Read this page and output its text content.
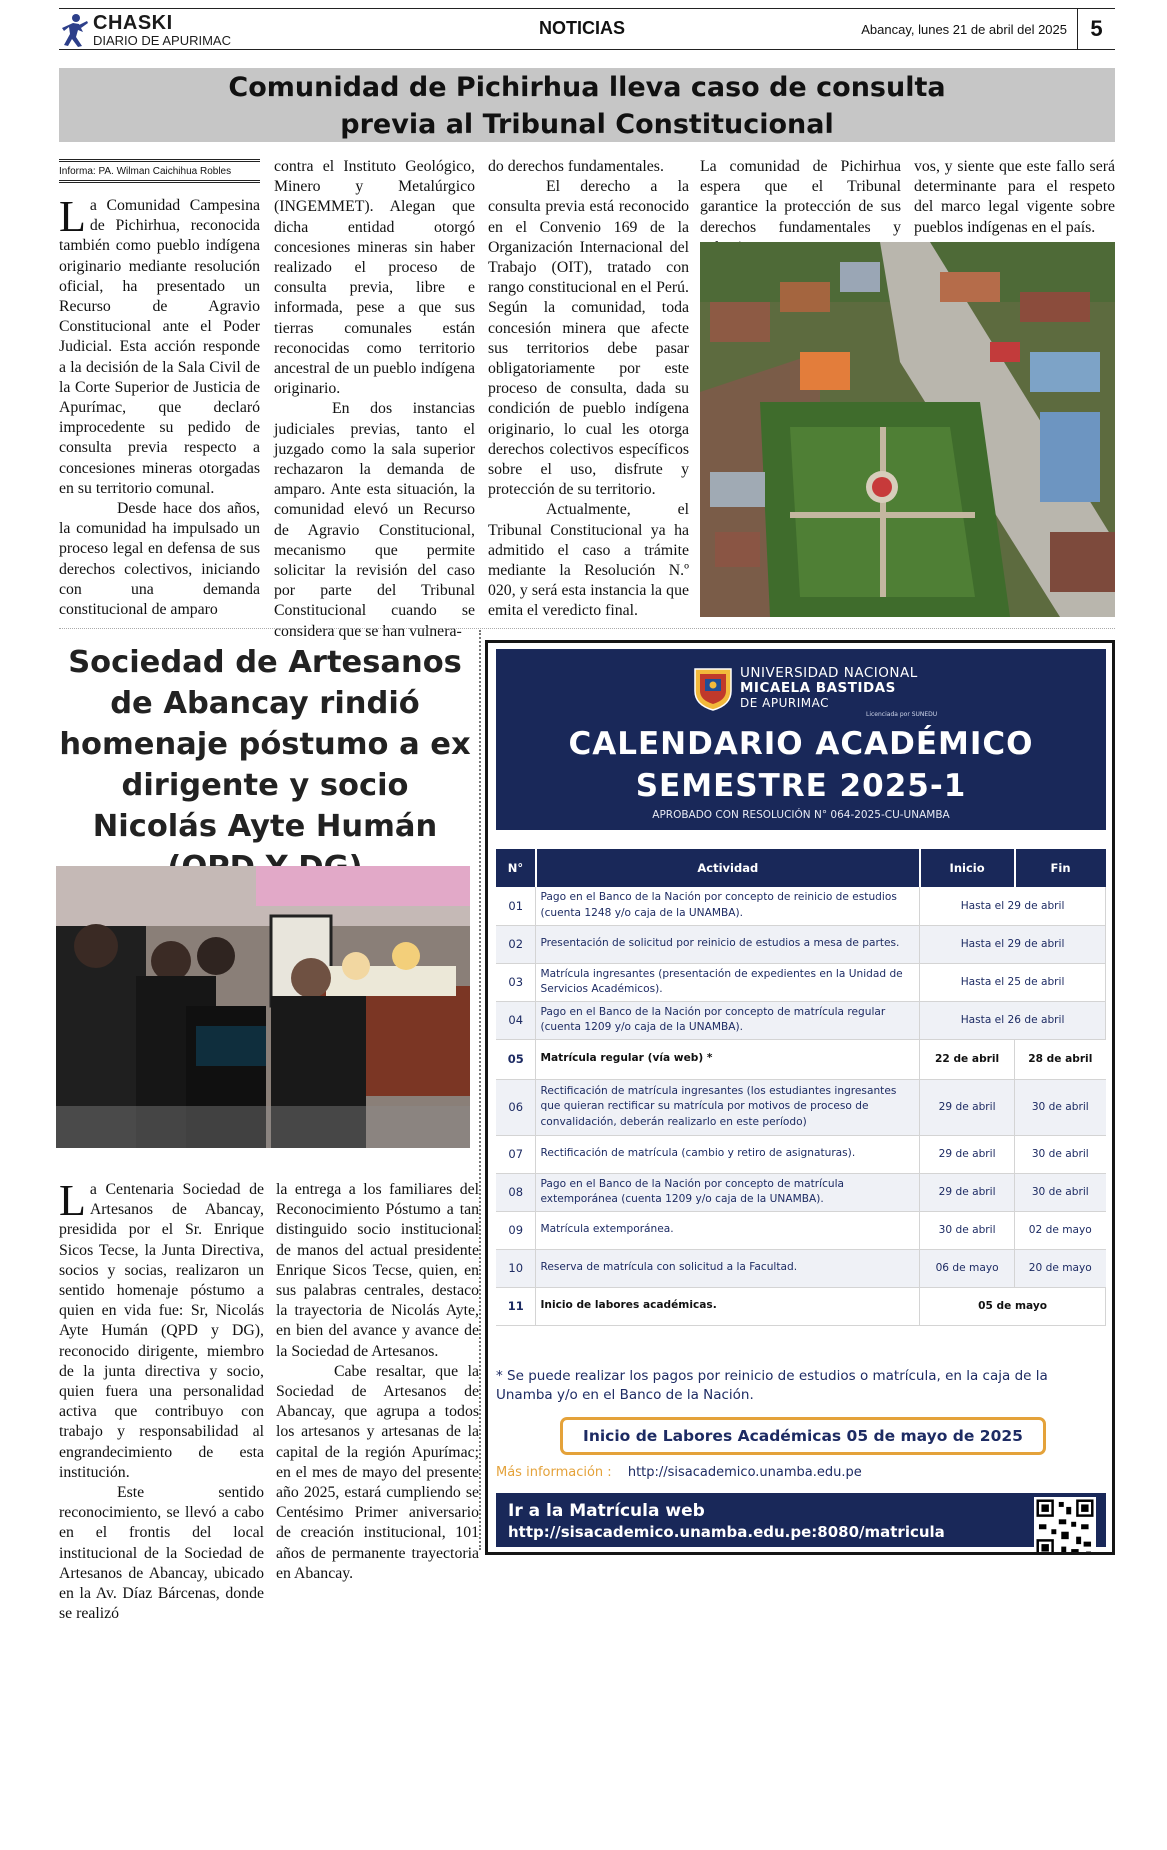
CHASKI
DIARIO DE APURIMAC
NOTICIAS	Abancay, lunes 21 de abril del 2025	5
Comunidad de Pichirhua lleva caso de consulta
previa al Tribunal Constitucional
Informa: PA. Wilman Caichihua Robles

La Comunidad Campesina de Pichirhua, reconocida también como pueblo indígena originario mediante resolución oficial, ha presentado un Recurso de Agravio Constitucional ante el Poder Judicial. Esta acción responde a la decisión de la Sala Civil de la Corte Superior de Justicia de Apurímac, que declaró improcedente su pedido de consulta previa respecto a concesiones mineras otorgadas en su territorio comunal.

Desde hace dos años, la comunidad ha impulsado un proceso legal en defensa de sus derechos colectivos, iniciando con una demanda constitucional de amparo

contra el Instituto Geológico, Minero y Metalúrgico (INGEMMET). Alegan que dicha entidad otorgó concesiones mineras sin haber realizado el proceso de consulta previa, libre e informada, pese a que sus tierras comunales están reconocidas como territorio ancestral de un pueblo indígena originario.

En dos instancias judiciales previas, tanto el juzgado como la sala superior rechazaron la demanda de amparo. Ante esta situación, la comunidad elevó un Recurso de Agravio Constitucional, mecanismo que permite solicitar la revisión del caso por parte del Tribunal Constitucional cuando se considera que se han vulnera-

do derechos fundamentales.

El derecho a la consulta previa está reconocido en el Convenio 169 de la Organización Internacional del Trabajo (OIT), tratado con rango constitucional en el Perú. Según la comunidad, toda concesión minera que afecte sus territorios debe pasar obligatoriamente por este proceso de consulta, dada su condición de pueblo indígena originario, lo cual les otorga derechos colectivos específicos sobre el uso, disfrute y protección de su territorio.

Actualmente, el Tribunal Constitucional ya ha admitido el caso a trámite mediante la Resolución N.º 020, y será esta instancia la que emita el veredicto final.

La comunidad de Pichirhua espera que el Tribunal garantice la protección de sus derechos fundamentales y

vos, y siente que este fallo será determinante para el respeto del marco legal vigente sobre pueblos indígenas en el país.

Sociedad de Artesanos de Abancay rindió homenaje póstumo a ex dirigente y socio Nicolás Ayte Humán

La Centenaria Sociedad de Artesanos de Abancay, presidida por el Sr. Enrique Sicos Tecse, la Junta Directiva, socios y socias, realizaron un sentido homenaje póstumo a quien en vida fue: Sr, Nicolás Ayte Humán (QPD y DG), reconocido dirigente, miembro de la junta directiva y socio, quien fuera una personalidad activa que contribuyo con trabajo y responsabilidad al engrandecimiento de esta institución.

Este sentido reconocimiento, se llevó a cabo en el frontis del local institucional de la Sociedad de Artesanos de Abancay, ubicado en la Av. Díaz Bárcenas, donde se realizó

la entrega a los familiares del Reconocimiento Póstumo a tan distinguido socio institucional de manos del actual presidente Enrique Sicos Tecse, quien, en sus palabras centrales, destaco la trayectoria de Nicolás Ayte, en bien del avance y avance de la Sociedad de Artesanos.

Cabe resaltar, que la Sociedad de Artesanos de Abancay, que agrupa a todos los artesanos y artesanas de la capital de la región Apurímac; en el mes de mayo del presente año 2025, estará cumpliendo se Centésimo Primer aniversario de creación institucional, 101 años de permanente trayectoria en Abancay.

UNIVERSIDAD NACIONAL
MICAELA BASTIDAS
DE APURIMAC
Licenciada por SUNEDU
CALENDARIO ACADÉMICO
SEMESTRE 2025-1
APROBADO CON RESOLUCIÓN N° 064-2025-CU-UNAMBA
N°	Actividad	Inicio	Fin
01	Pago en el Banco de la Nación por concepto de reinicio de estudios (cuenta 1248 y/o caja de la UNAMBA).	Hasta el 29 de abril	
02	Presentación de solicitud por reinicio de estudios a mesa de partes.	Hasta el 29 de abril	
03	Matrícula ingresantes (presentación de expedientes en la Unidad de Servicios Académicos).	Hasta el 25 de abril	
04	Pago en el Banco de la Nación por concepto de matrícula regular (cuenta 1209 y/o caja de la UNAMBA).	Hasta el 26 de abril	
05	Matrícula regular (vía web) *	22 de abril	28 de abril
06	Rectificación de matrícula ingresantes (los estudiantes ingresantes que quieran rectificar su matrícula por motivos de proceso de convalidación, deberán realizarlo en este período)	29 de abril	30 de abril
07	Rectificación de matrícula (cambio y retiro de asignaturas).	29 de abril	30 de abril
08	Pago en el Banco de la Nación por concepto de matrícula extemporánea (cuenta 1209 y/o caja de la UNAMBA).	29 de abril	30 de abril
09	Matrícula extemporánea.	30 de abril	02 de mayo
10	Reserva de matrícula con solicitud a la Facultad.	06 de mayo	20 de mayo
11	Inicio de labores académicas.	05 de mayo	
* Se puede realizar los pagos por reinicio de estudios o matrícula, en la caja de la Unamba y/o en el Banco de la Nación.
Inicio de Labores Académicas 05 de mayo de 2025
Más información : http://sisacademico.unamba.edu.pe
Ir a la Matrícula web
http://sisacademico.unamba.edu.pe:8080/matricula
